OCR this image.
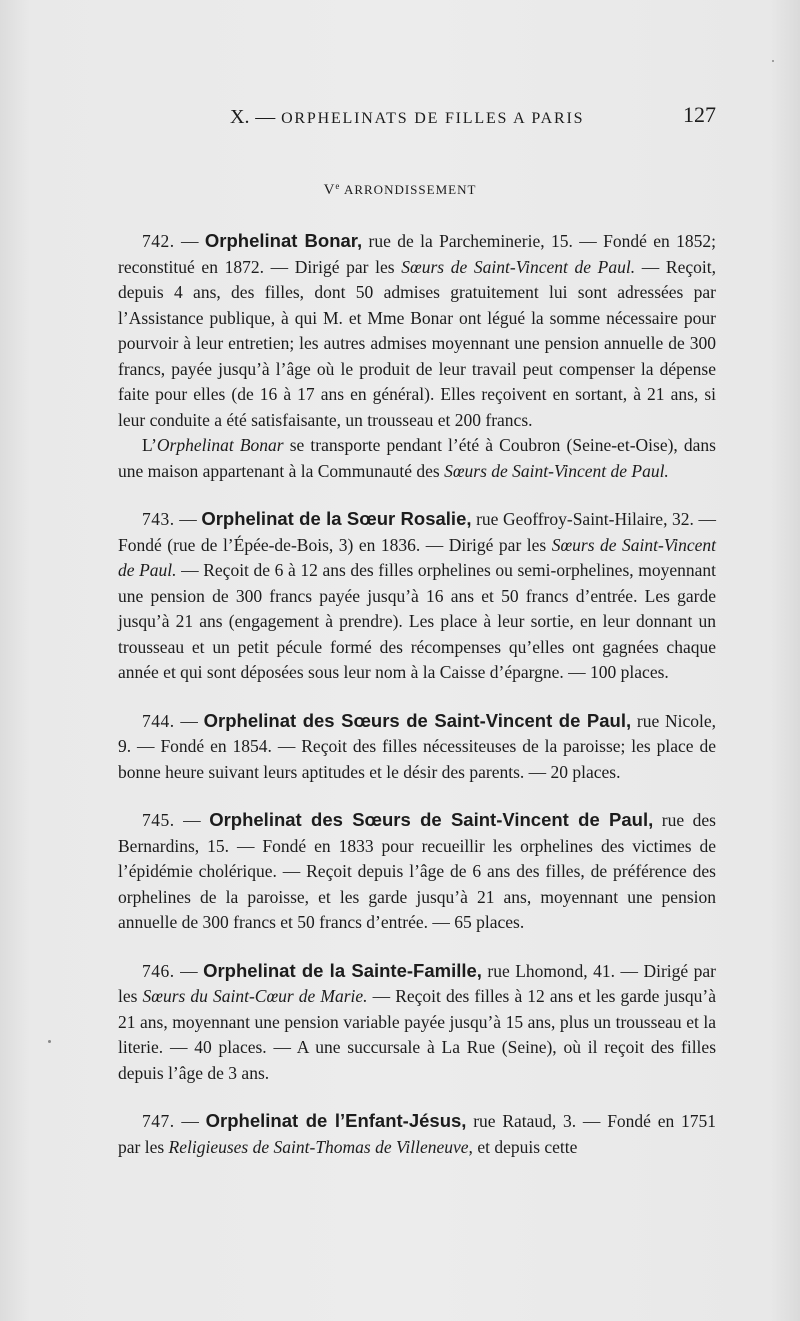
X. — ORPHELINATS DE FILLES A PARIS	127
Ve ARRONDISSEMENT

742. — Orphelinat Bonar, rue de la Parcheminerie, 15. — Fondé en 1852; reconstitué en 1872. — Dirigé par les Sœurs de Saint-Vincent de Paul. — Reçoit, depuis 4 ans, des filles, dont 50 admises gratuitement lui sont adressées par l’Assistance publique, à qui M. et Mme Bonar ont légué la somme nécessaire pour pourvoir à leur entretien; les autres admises moyennant une pension annuelle de 300 francs, payée jusqu’à l’âge où le produit de leur travail peut compenser la dépense faite pour elles (de 16 à 17 ans en général). Elles reçoivent en sortant, à 21 ans, si leur conduite a été satisfaisante, un trousseau et 200 francs.

L’Orphelinat Bonar se transporte pendant l’été à Coubron (Seine-et-Oise), dans une maison appartenant à la Communauté des Sœurs de Saint-Vincent de Paul.

743. — Orphelinat de la Sœur Rosalie, rue Geoffroy-Saint-Hilaire, 32. — Fondé (rue de l’Épée-de-Bois, 3) en 1836. — Dirigé par les Sœurs de Saint-Vincent de Paul. — Reçoit de 6 à 12 ans des filles orphelines ou semi-orphelines, moyennant une pension de 300 francs payée jusqu’à 16 ans et 50 francs d’entrée. Les garde jusqu’à 21 ans (engagement à prendre). Les place à leur sortie, en leur donnant un trousseau et un petit pécule formé des récompenses qu’elles ont gagnées chaque année et qui sont déposées sous leur nom à la Caisse d’épargne. — 100 places.

744. — Orphelinat des Sœurs de Saint-Vincent de Paul, rue Nicole, 9. — Fondé en 1854. — Reçoit des filles nécessiteuses de la paroisse; les place de bonne heure suivant leurs aptitudes et le désir des parents. — 20 places.

745. — Orphelinat des Sœurs de Saint-Vincent de Paul, rue des Bernardins, 15. — Fondé en 1833 pour recueillir les orphelines des victimes de l’épidémie cholérique. — Reçoit depuis l’âge de 6 ans des filles, de préférence des orphelines de la paroisse, et les garde jusqu’à 21 ans, moyennant une pension annuelle de 300 francs et 50 francs d’entrée. — 65 places.

746. — Orphelinat de la Sainte-Famille, rue Lhomond, 41. — Dirigé par les Sœurs du Saint-Cœur de Marie. — Reçoit des filles à 12 ans et les garde jusqu’à 21 ans, moyennant une pension variable payée jusqu’à 15 ans, plus un trousseau et la literie. — 40 places. — A une succursale à La Rue (Seine), où il reçoit des filles depuis l’âge de 3 ans.

747. — Orphelinat de l’Enfant-Jésus, rue Rataud, 3. — Fondé en 1751 par les Religieuses de Saint-Thomas de Villeneuve, et depuis cette
